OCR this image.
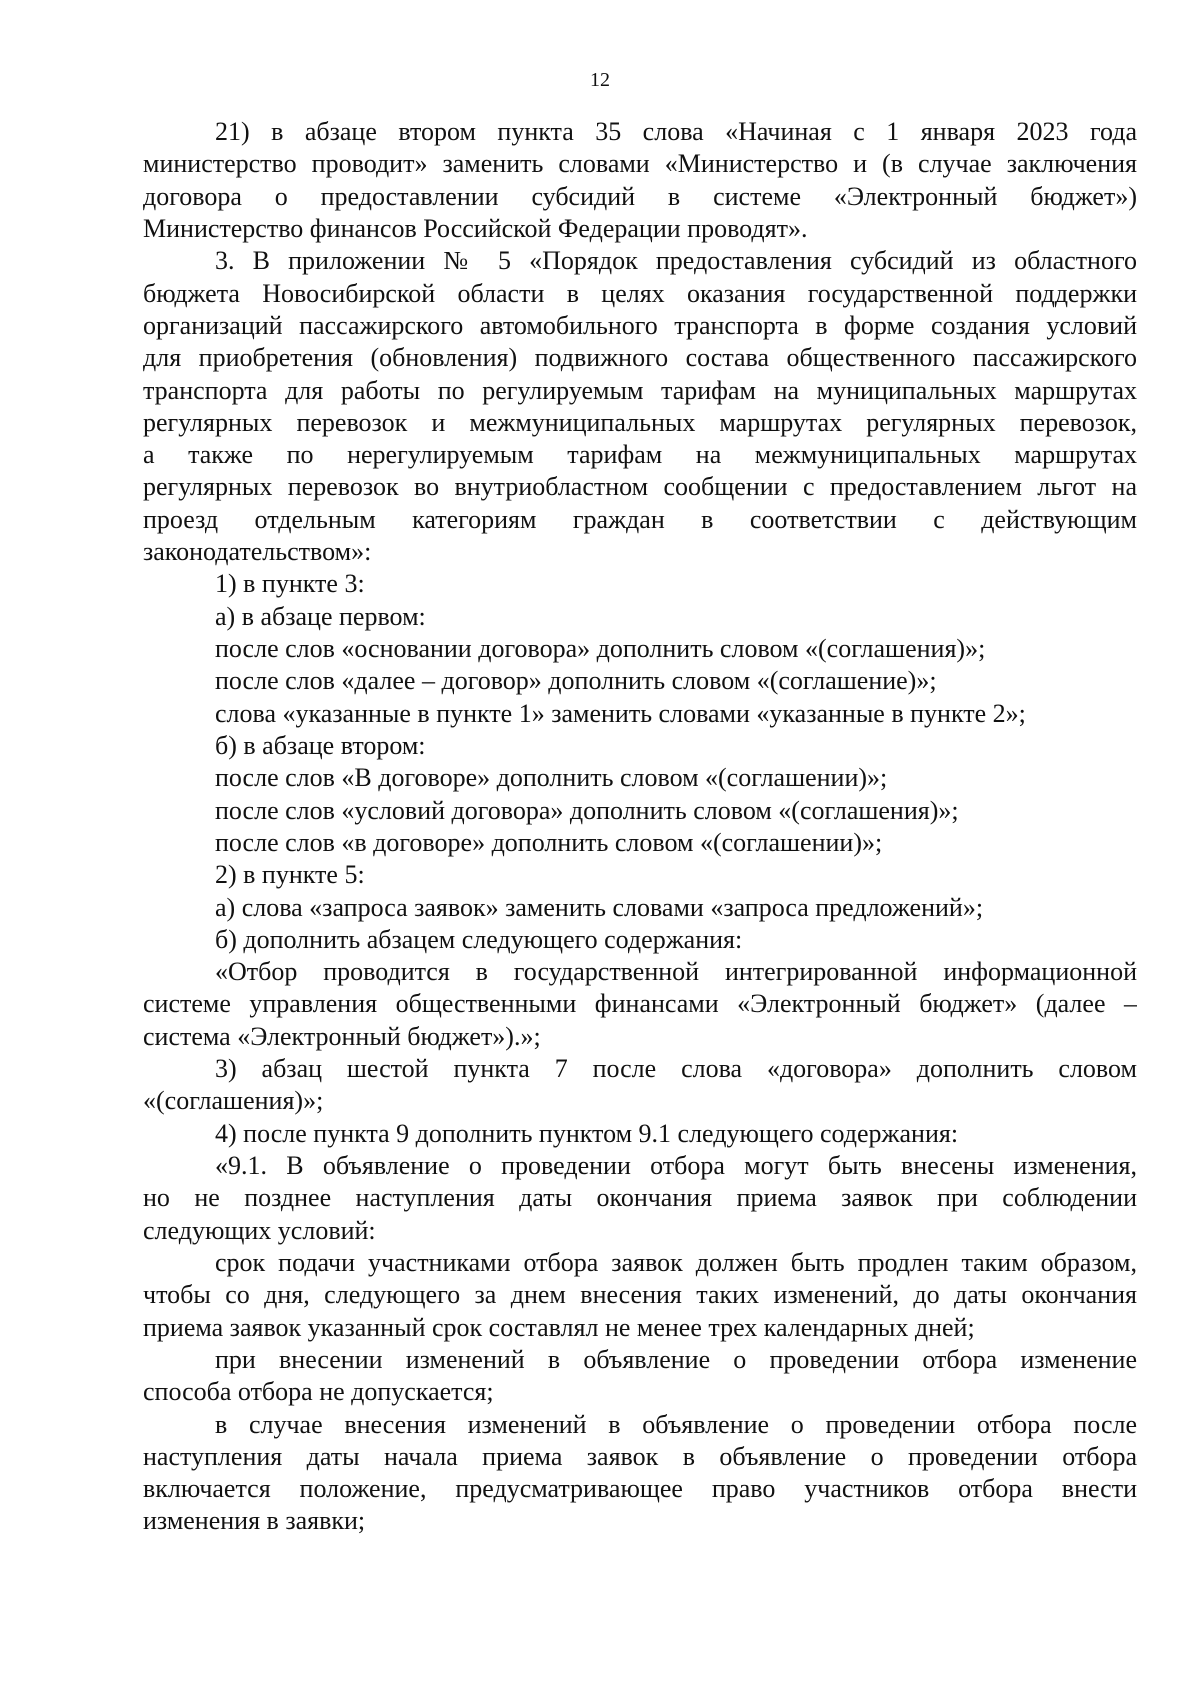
12
21) в абзаце втором пункта 35 слова «Начиная с 1 января 2023 года
министерство проводит» заменить словами «Министерство и (в случае заключения
договора о предоставлении субсидий в системе «Электронный бюджет»)
Министерство финансов Российской Федерации проводят».
3. В приложении № 5 «Порядок предоставления субсидий из областного
бюджета Новосибирской области в целях оказания государственной поддержки
организаций пассажирского автомобильного транспорта в форме создания условий
для приобретения (обновления) подвижного состава общественного пассажирского
транспорта для работы по регулируемым тарифам на муниципальных маршрутах
регулярных перевозок и межмуниципальных маршрутах регулярных перевозок,
а также по нерегулируемым тарифам на межмуниципальных маршрутах
регулярных перевозок во внутриобластном сообщении с предоставлением льгот на
проезд отдельным категориям граждан в соответствии с действующим
законодательством»:
1) в пункте 3:
а) в абзаце первом:
после слов «основании договора» дополнить словом «(соглашения)»;
после слов «далее – договор» дополнить словом «(соглашение)»;
слова «указанные в пункте 1» заменить словами «указанные в пункте 2»;
б) в абзаце втором:
после слов «В договоре» дополнить словом «(соглашении)»;
после слов «условий договора» дополнить словом «(соглашения)»;
после слов «в договоре» дополнить словом «(соглашении)»;
2) в пункте 5:
а) слова «запроса заявок» заменить словами «запроса предложений»;
б) дополнить абзацем следующего содержания:
«Отбор проводится в государственной интегрированной информационной
системе управления общественными финансами «Электронный бюджет» (далее –
система «Электронный бюджет»).»;
3) абзац шестой пункта 7 после слова «договора» дополнить словом
«(соглашения)»;
4) после пункта 9 дополнить пунктом 9.1 следующего содержания:
«9.1. В объявление о проведении отбора могут быть внесены изменения,
но не позднее наступления даты окончания приема заявок при соблюдении
следующих условий:
срок подачи участниками отбора заявок должен быть продлен таким образом,
чтобы со дня, следующего за днем внесения таких изменений, до даты окончания
приема заявок указанный срок составлял не менее трех календарных дней;
при внесении изменений в объявление о проведении отбора изменение
способа отбора не допускается;
в случае внесения изменений в объявление о проведении отбора после
наступления даты начала приема заявок в объявление о проведении отбора
включается положение, предусматривающее право участников отбора внести
изменения в заявки;
